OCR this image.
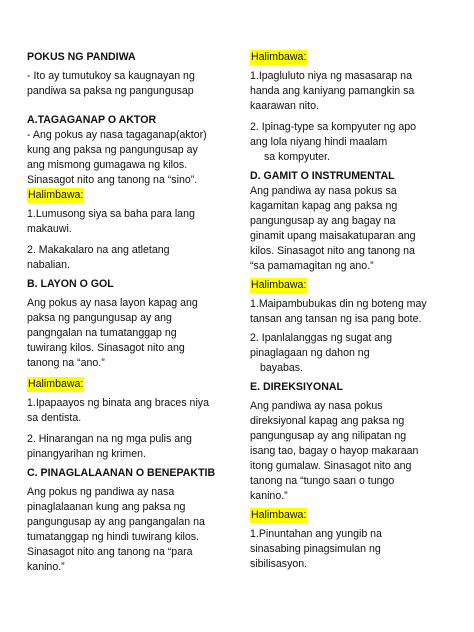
POKUS NG PANDIWA
- Ito ay tumutukoy sa kaugnayan ng
pandiwa sa paksa ng pangungusap
A.TAGAGANAP O AKTOR
- Ang pokus ay nasa tagaganap(aktor)
kung ang paksa ng pangungusap ay
ang mismong gumagawa ng kilos.
Sinasagot nito ang tanong na “sino”.
Halimbawa:
1.Lumusong siya sa baha para lang
makauwi.
2. Makakalaro na ang atletang
nabalian.
B. LAYON O GOL
Ang pokus ay nasa layon kapag ang
paksa ng pangungusap ay ang
pangngalan na tumatanggap ng
tuwirang kilos. Sinasagot nito ang
tanong na “ano.”
Halimbawa:
1.Ipapaayos ng binata ang braces niya
sa dentista.
2. Hinarangan na ng mga pulis ang
pinangyarihan ng krimen.
C. PINAGLALAANAN O BENEPAKTIB
Ang pokus ng pandiwa ay nasa
pinaglalaanan kung ang paksa ng
pangungusap ay ang pangangalan na
tumatanggap ng hindi tuwirang kilos.
Sinasagot nito ang tanong na “para
kanino.”
Halimbawa:
1.Ipagluluto niya ng masasarap na
handa ang kaniyang pamangkin sa
kaarawan nito.
2. Ipinag-type sa kompyuter ng apo
ang lola niyang hindi maalam
sa kompyuter.
D. GAMIT O INSTRUMENTAL
Ang pandiwa ay nasa pokus sa
kagamitan kapag ang paksa ng
pangungusap ay ang bagay na
ginamit upang maisakatuparan ang
kilos. Sinasagot nito ang tanong na
“sa pamamagitan ng ano.”
Halimbawa:
1.Maipambubukas din ng boteng may
tansan ang tansan ng isa pang bote.
2. Ipanlalanggas ng sugat ang
pinaglagaan ng dahon ng
bayabas.
E. DIREKSIYONAL
Ang pandiwa ay nasa pokus
direksiyonal kapag ang paksa ng
pangungusap ay ang nilipatan ng
isang tao, bagay o hayop makaraan
itong gumalaw. Sinasagot nito ang
tanong na “tungo saan o tungo
kanino.”
Halimbawa:
1.Pinuntahan ang yungib na
sinasabing pinagsimulan ng
sibilisasyon.
